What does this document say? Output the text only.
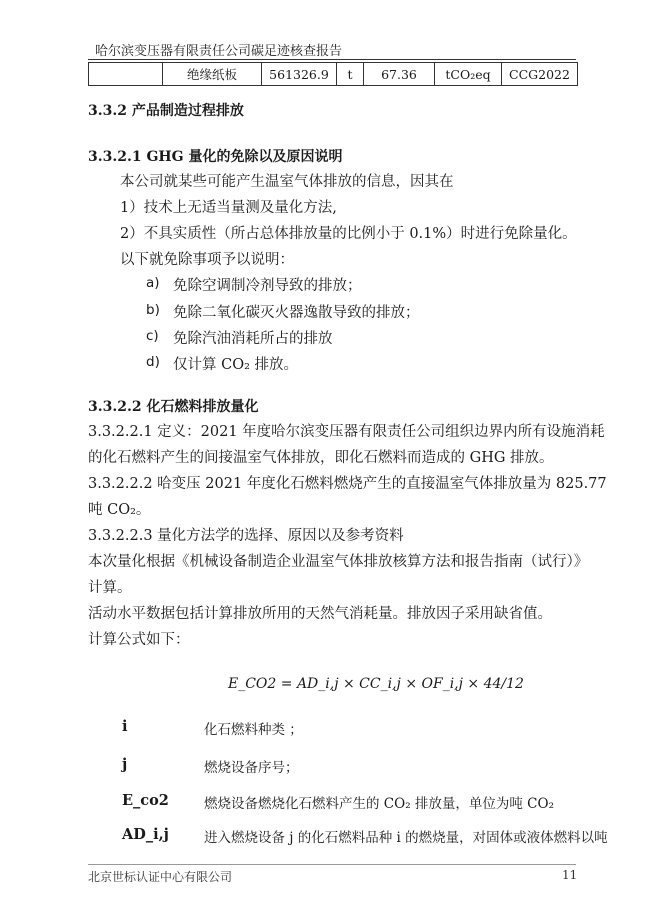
哈尔滨变压器有限责任公司碳足迹核查报告
	绝缘纸板	561326.9	t	67.36	tCO₂eq	CCG2022
3.3.2 产品制造过程排放
3.3.2.1 GHG 量化的免除以及原因说明
本公司就某些可能产生温室气体排放的信息，因其在
1）技术上无适当量测及量化方法,
2）不具实质性（所占总体排放量的比例小于 0.1%）时进行免除量化。
以下就免除事项予以说明：
a) 免除空调制冷剂导致的排放；
b) 免除二氧化碳灭火器逸散导致的排放；
c) 免除汽油消耗所占的排放
d) 仅计算 CO₂ 排放。
3.3.2.2 化石燃料排放量化
3.3.2.2.1 定义：2021 年度哈尔滨变压器有限责任公司组织边界内所有设施消耗
的化石燃料产生的间接温室气体排放，即化石燃料而造成的 GHG 排放。
3.3.2.2.2 哈变压 2021 年度化石燃料燃烧产生的直接温室气体排放量为 825.77
吨 CO₂。
3.3.2.2.3 量化方法学的选择、原因以及参考资料
本次量化根据《机械设备制造企业温室气体排放核算方法和报告指南（试行）》
计算。
活动水平数据包括计算排放所用的天然气消耗量。排放因子采用缺省值。
计算公式如下：
E_CO2 = AD_i,j × CC_i,j × OF_i,j × 44/12
i	化石燃料种类 ；
j	燃烧设备序号；
E_co2	燃烧设备燃烧化石燃料产生的 CO₂ 排放量，单位为吨 CO₂
AD_i,j	进入燃烧设备 j 的化石燃料品种 i 的燃烧量，对固体或液体燃料以吨
北京世标认证中心有限公司	11
